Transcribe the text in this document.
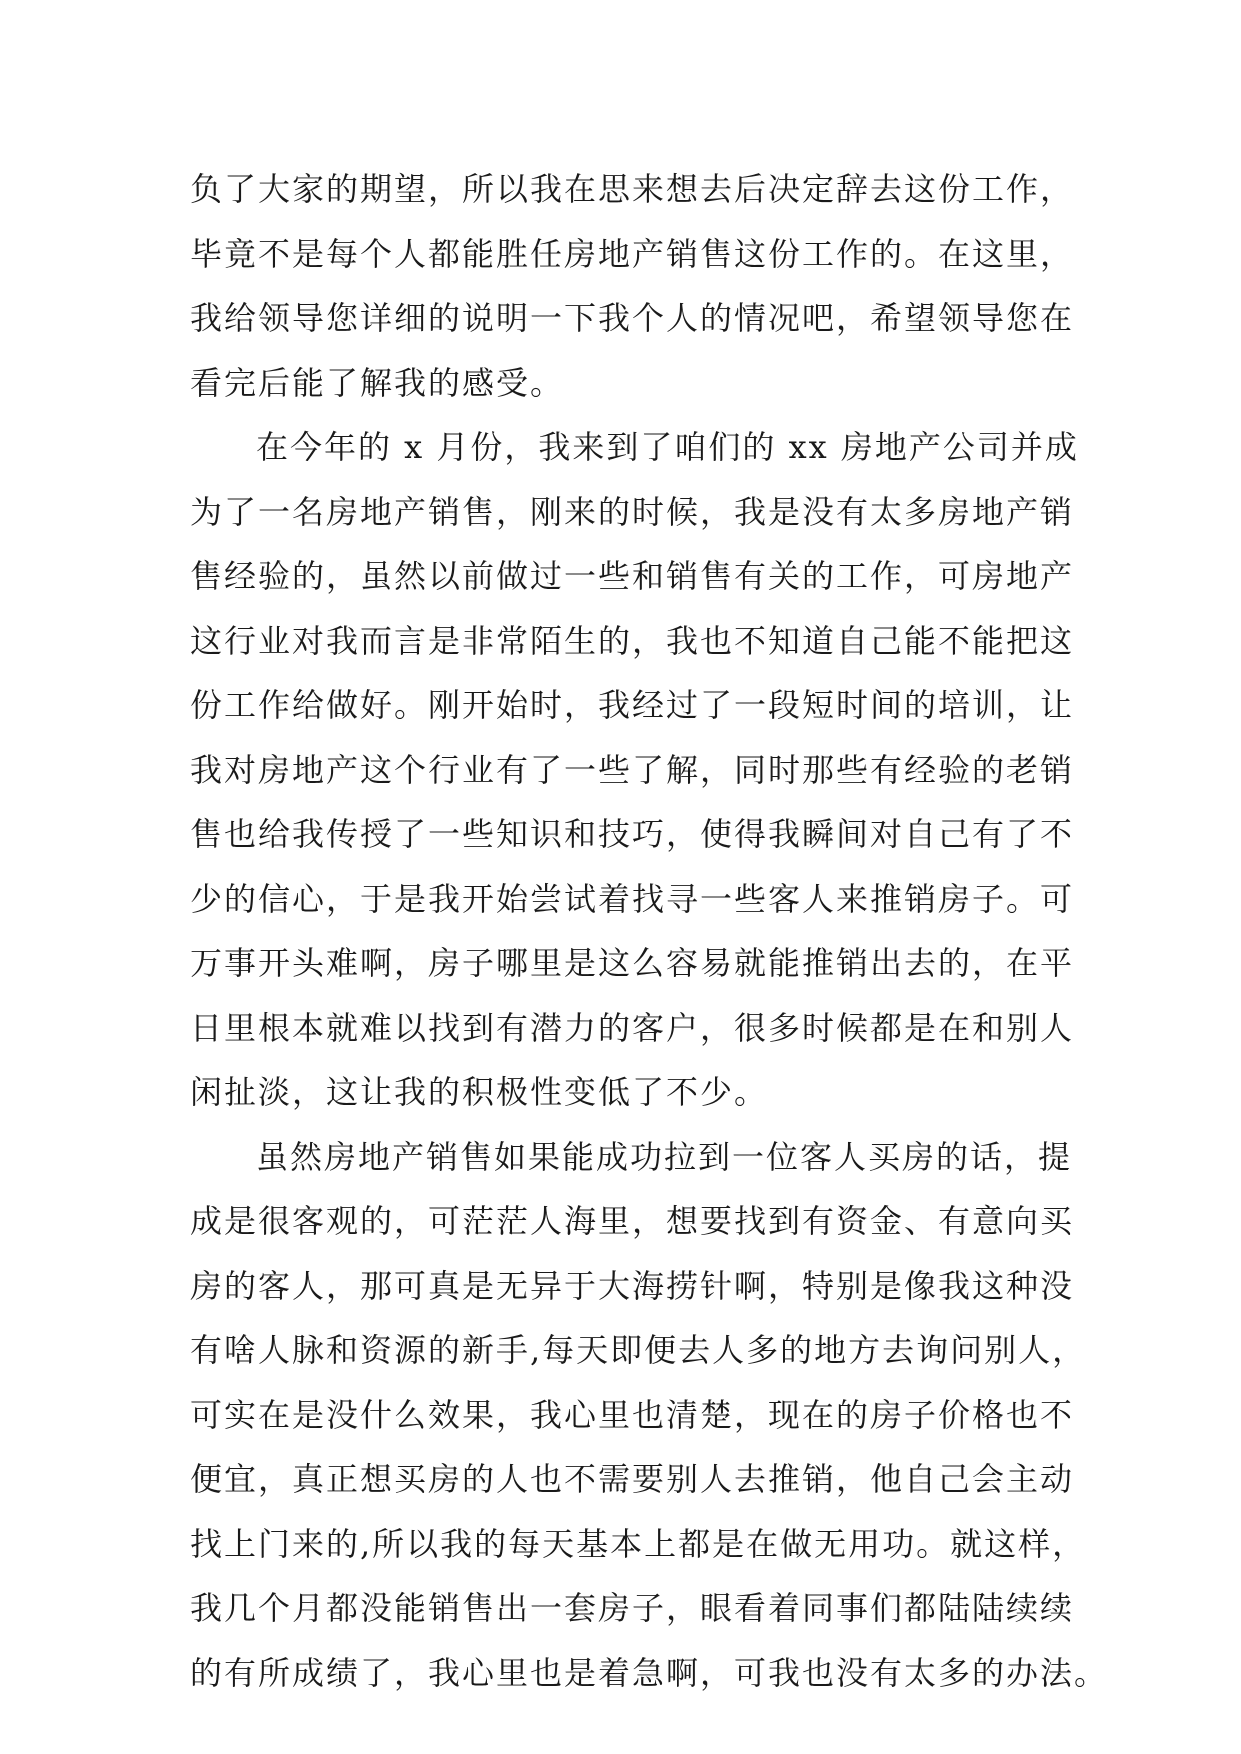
负了大家的期望，所以我在思来想去后决定辞去这份工作，
毕竟不是每个人都能胜任房地产销售这份工作的。在这里，
我给领导您详细的说明一下我个人的情况吧，希望领导您在
看完后能了解我的感受。
在今年的 x 月份，我来到了咱们的 xx 房地产公司并成
为了一名房地产销售，刚来的时候，我是没有太多房地产销
售经验的，虽然以前做过一些和销售有关的工作，可房地产
这行业对我而言是非常陌生的，我也不知道自己能不能把这
份工作给做好。刚开始时，我经过了一段短时间的培训，让
我对房地产这个行业有了一些了解，同时那些有经验的老销
售也给我传授了一些知识和技巧，使得我瞬间对自己有了不
少的信心，于是我开始尝试着找寻一些客人来推销房子。可
万事开头难啊，房子哪里是这么容易就能推销出去的，在平
日里根本就难以找到有潜力的客户，很多时候都是在和别人
闲扯淡，这让我的积极性变低了不少。
虽然房地产销售如果能成功拉到一位客人买房的话，提
成是很客观的，可茫茫人海里，想要找到有资金、有意向买
房的客人，那可真是无异于大海捞针啊，特别是像我这种没
有啥人脉和资源的新手,每天即便去人多的地方去询问别人，
可实在是没什么效果，我心里也清楚，现在的房子价格也不
便宜，真正想买房的人也不需要别人去推销，他自己会主动
找上门来的,所以我的每天基本上都是在做无用功。就这样，
我几个月都没能销售出一套房子，眼看着同事们都陆陆续续
的有所成绩了，我心里也是着急啊，可我也没有太多的办法。
